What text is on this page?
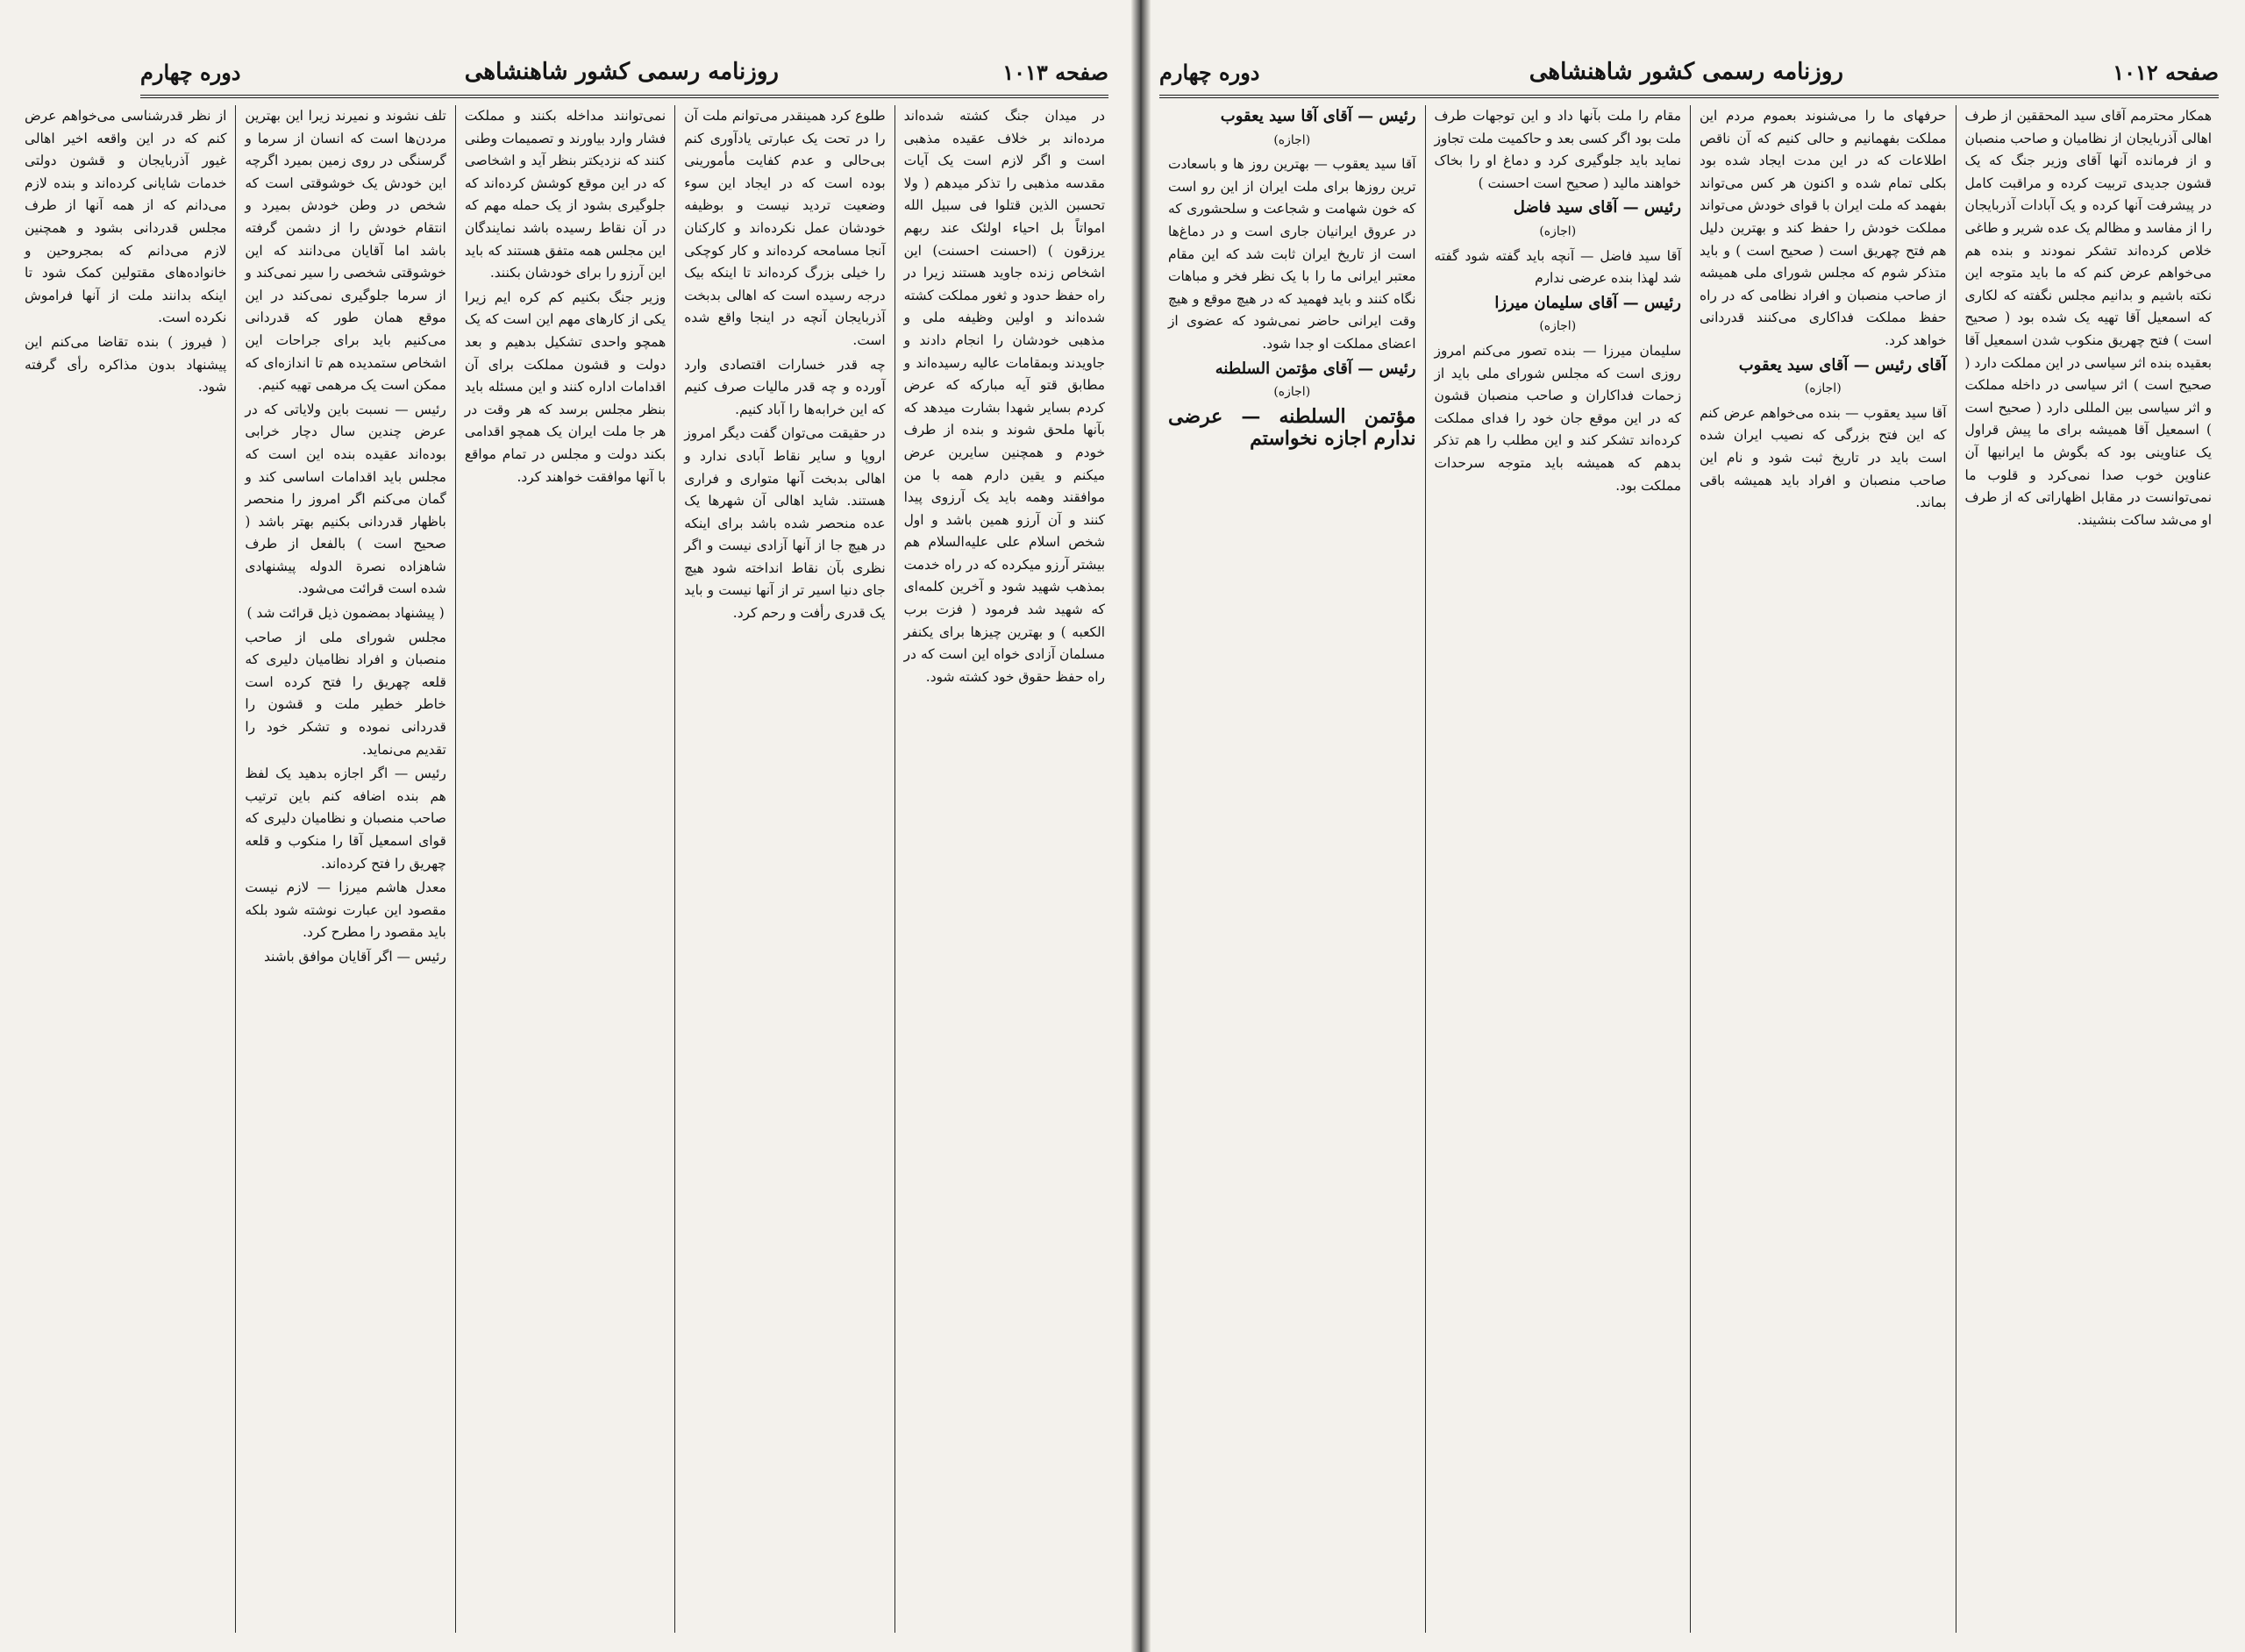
صفحه ۱۰۱۳
روزنامه رسمی کشور شاهنشاهی
دوره چهارم

در میدان جنگ کشته شده‌اند مرده‌اند بر خلاف عقیده مذهبی است و اگر لازم است یک آیات مقدسه مذهبی را تذکر میدهم ( ولا تحسبن الذین قتلوا فی سبیل الله امواتاً بل احیاء اولئک عند ربهم یرزقون ) (احسنت احسنت) این اشخاص زنده جاوید هستند زیرا در راه حفظ حدود و ثغور مملکت کشته شده‌اند و اولین وظیفه ملی و مذهبی خودشان را انجام دادند و جاویدند وبمقامات عالیه رسیده‌اند و مطابق قتو آیه مبارکه که عرض کردم بسایر شهدا بشارت میدهد که بآنها ملحق شوند و بنده از طرف خودم و همچنین سایرین عرض میکنم و یقین دارم همه با من موافقند وهمه باید یک آرزوی پیدا کنند و آن آرزو همین باشد و اول شخص اسلام علی علیه‌السلام هم بیشتر آرزو میکرده که در راه خدمت بمذهب شهید شود و آخرین کلمه‌ای که شهید شد فرمود ( فزت برب الکعبه ) و بهترین چیزها برای یکنفر مسلمان آزادی خواه این است که در راه حفظ حقوق خود کشته شود.

طلوع کرد همینقدر می‌توانم ملت آن را در تحت یک عبارتی یادآوری کنم بی‌حالی و عدم کفایت مأمورینی بوده است که در ایجاد این سوء وضعیت تردید نیست و بوظیفه خودشان عمل نکرده‌اند و کارکنان آنجا مسامحه کرده‌اند و کار کوچکی را خیلی بزرگ کرده‌اند تا اینکه بیک درجه رسیده است که اهالی بدبخت آذربایجان آنچه در اینجا واقع شده است.

چه قدر خسارات اقتصادی وارد آورده و چه قدر مالیات صرف کنیم که این خرابه‌ها را آباد کنیم.

در حقیقت می‌توان گفت دیگر امروز اروپا و سایر نقاط آبادی ندارد و اهالی بدبخت آنها متواری و فراری هستند. شاید اهالی آن شهرها یک عده منحصر شده باشد برای اینکه در هیچ جا از آنها آزادی نیست و اگر نظری بآن نقاط انداخته شود هیچ جای دنیا اسیر تر از آنها نیست و باید یک قدری رأفت و رحم کرد.

نمی‌توانند مداخله بکنند و مملکت فشار وارد بیاورند و تصمیمات وطنی کنند که نزدیکتر بنظر آید و اشخاصی که در این موقع کوشش کرده‌اند که جلوگیری بشود از یک حمله مهم که در آن نقاط رسیده باشد نمایندگان این مجلس همه متفق هستند که باید این آرزو را برای خودشان بکنند.

وزیر جنگ بکنیم کم کره ایم زیرا یکی از کارهای مهم این است که یک همچو واحدی تشکیل بدهیم و بعد دولت و قشون مملکت برای آن اقدامات اداره کنند و این مسئله باید بنظر مجلس برسد که هر وقت در هر جا ملت ایران یک همچو اقدامی بکند دولت و مجلس در تمام مواقع با آنها موافقت خواهند کرد.

تلف نشوند و نمیرند زیرا این بهترین مردن‌ها است که انسان از سرما و گرسنگی در روی زمین بمیرد اگرچه این خودش یک خوشوقتی است که شخص در وطن خودش بمیرد و انتقام خودش را از دشمن گرفته باشد اما آقایان می‌دانند که این خوشوقتی شخصی را سیر نمی‌کند و از سرما جلوگیری نمی‌کند در این موقع همان طور که قدردانی می‌کنیم باید برای جراحات این اشخاص ستمدیده هم تا اندازه‌ای که ممکن است یک مرهمی تهیه کنیم.

رئیس — نسبت باین ولایاتی که در عرض چندین سال دچار خرابی بوده‌اند عقیده بنده این است که مجلس باید اقدامات اساسی کند و گمان می‌کنم اگر امروز را منحصر باظهار قدردانی بکنیم بهتر باشد ( صحیح است ) بالفعل از طرف شاهزاده نصرة الدوله پیشنهادی شده است قرائت می‌شود.

( پیشنهاد بمضمون ذیل قرائت شد )

مجلس شورای ملی از صاحب منصبان و افراد نظامیان دلیری که قلعه چهریق را فتح کرده است خاطر خطیر ملت و قشون را قدردانی نموده و تشکر خود را تقدیم می‌نماید.

رئیس — اگر اجازه بدهید یک لفظ هم بنده اضافه کنم باین ترتیب صاحب منصبان و نظامیان دلیری که قوای اسمعیل آقا را منکوب و قلعه چهریق را فتح کرده‌اند.

معدل هاشم میرزا — لازم نیست مقصود این عبارت نوشته شود بلکه باید مقصود را مطرح کرد.

رئیس — اگر آقایان موافق باشند

از نظر قدرشناسی می‌خواهم عرض کنم که در این واقعه اخیر اهالی غیور آذربایجان و قشون دولتی خدمات شایانی کرده‌اند و بنده لازم می‌دانم که از همه آنها از طرف مجلس قدردانی بشود و همچنین لازم می‌دانم که بمجروحین و خانواده‌های مقتولین کمک شود تا اینکه بدانند ملت از آنها فراموش نکرده است.

( فیروز ) بنده تقاضا می‌کنم این پیشنهاد بدون مذاکره رأی گرفته شود.

صفحه ۱۰۱۲
روزنامه رسمی کشور شاهنشاهی
دوره چهارم

همکار محترمم آقای سید المحققین از طرف اهالی آذربایجان از نظامیان و صاحب منصبان و از فرمانده آنها آقای وزیر جنگ که یک قشون جدیدی تربیت کرده و مراقبت کامل در پیشرفت آنها کرده و یک آبادات آذربایجان را از مفاسد و مظالم یک عده شریر و طاغی خلاص کرده‌اند تشکر نمودند و بنده هم می‌خواهم عرض کنم که ما باید متوجه این نکته باشیم و بدانیم مجلس نگفته که لکاری که اسمعیل آقا تهیه یک شده بود ( صحیح است ) فتح چهریق منکوب شدن اسمعیل آقا بعقیده بنده اثر سیاسی در این مملکت دارد ( صحیح است ) اثر سیاسی در داخله مملکت و اثر سیاسی بین المللی دارد ( صحیح است ) اسمعیل آقا همیشه برای ما پیش قراول یک عناوینی بود که بگوش ما ایرانیها آن عناوین خوب صدا نمی‌کرد و قلوب ما نمی‌توانست در مقابل اظهاراتی که از طرف او می‌شد ساکت بنشیند.

حرفهای ما را می‌شنوند بعموم مردم این مملکت بفهمانیم و حالی کنیم که آن ناقص اطلاعات که در این مدت ایجاد شده بود بکلی تمام شده و اکنون هر کس می‌تواند بفهمد که ملت ایران با قوای خودش می‌تواند مملکت خودش را حفظ کند و بهترین دلیل هم فتح چهریق است ( صحیح است ) و باید متذکر شوم که مجلس شورای ملی همیشه از صاحب منصبان و افراد نظامی که در راه حفظ مملکت فداکاری می‌کنند قدردانی خواهد کرد.

آقای رئیس — آقای سید یعقوب

(اجازه)

آقا سید یعقوب — بنده می‌خواهم عرض کنم که این فتح بزرگی که نصیب ایران شده است باید در تاریخ ثبت شود و نام این صاحب منصبان و افراد باید همیشه باقی بماند.

مقام را ملت بآنها داد و این توجهات طرف ملت بود اگر کسی بعد و حاکمیت ملت تجاوز نماید باید جلوگیری کرد و دماغ او را بخاک خواهند مالید ( صحیح است احسنت )

رئیس — آقای سید فاضل

(اجازه)

آقا سید فاضل — آنچه باید گفته شود گفته شد لهذا بنده عرضی ندارم

رئیس — آقای سلیمان میرزا

(اجازه)

سلیمان میرزا — بنده تصور می‌کنم امروز روزی است که مجلس شورای ملی باید از زحمات فداکاران و صاحب منصبان قشون که در این موقع جان خود را فدای مملکت کرده‌اند تشکر کند و این مطلب را هم تذکر بدهم که همیشه باید متوجه سرحدات مملکت بود.

رئیس — آقای آقا سید یعقوب

(اجازه)

آقا سید یعقوب — بهترین روز ها و باسعادت ترین روزها برای ملت ایران از این رو است که خون شهامت و شجاعت و سلحشوری که در عروق ایرانیان جاری است و در دماغ‌ها است از تاریخ ایران ثابت شد که این مقام معتبر ایرانی ما را با یک نظر فخر و مباهات نگاه کنند و باید فهمید که در هیچ موقع و هیچ وقت ایرانی حاضر نمی‌شود که عضوی از اعضای مملکت او جدا شود.

رئیس — آقای مؤتمن السلطنه

(اجازه)

مؤتمن السلطنه — عرضی ندارم اجازه نخواستم
